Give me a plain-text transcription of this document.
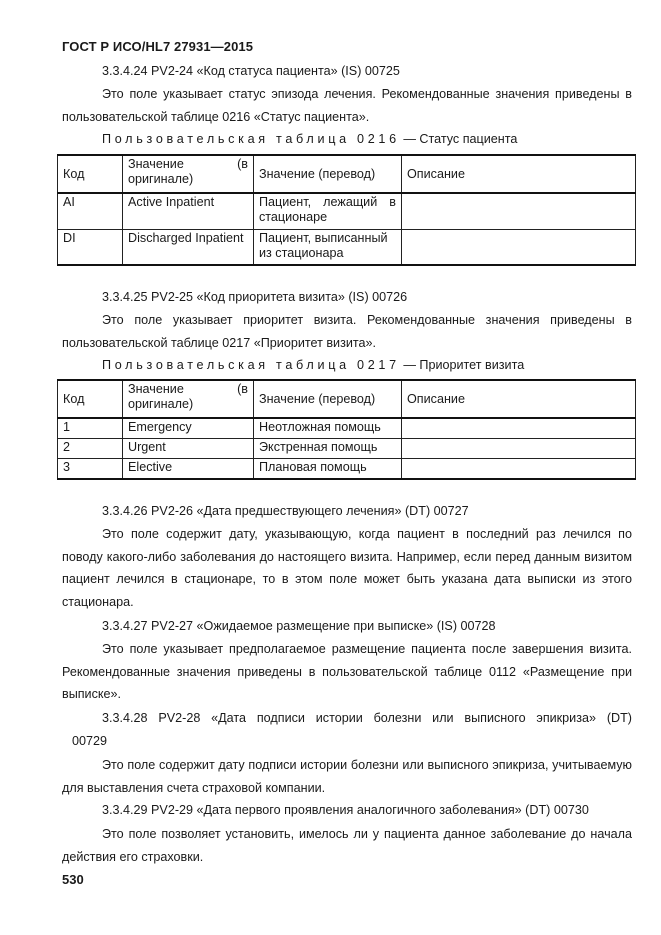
ГОСТ Р ИСО/HL7 27931—2015

3.3.4.24 PV2-24 «Код статуса пациента» (IS) 00725

Это поле указывает статус эпизода лечения. Рекомендованные значения приведены в пользовательской таблице 0216 «Статус пациента».

Пользовательская таблица 0216 — Статус пациента

Код	Значение (в оригинале)	Значение (перевод)	Описание
AI	Active Inpatient	Пациент, лежащий в стационаре	

DI	Discharged Inpatient	Пациент, выписанный из стационара	

3.3.4.25 PV2-25 «Код приоритета визита» (IS) 00726

Это поле указывает приоритет визита. Рекомендованные значения приведены в пользовательской таблице 0217 «Приоритет визита».

Пользовательская таблица 0217 — Приоритет визита

Код	Значение (в оригинале)	Значение (перевод)	Описание
1	Emergency	Неотложная помощь	
2	Urgent	Экстренная помощь	
3	Elective	Плановая помощь	

3.3.4.26 PV2-26 «Дата предшествующего лечения» (DT) 00727

Это поле содержит дату, указывающую, когда пациент в последний раз лечился по поводу какого-либо заболевания до настоящего визита. Например, если перед данным визитом пациент лечился в стационаре, то в этом поле может быть указана дата выписки из этого стационара.

3.3.4.27 PV2-27 «Ожидаемое размещение при выписке» (IS) 00728

Это поле указывает предполагаемое размещение пациента после завершения визита. Рекомендованные значения приведены в пользовательской таблице 0112 «Размещение при выписке».

3.3.4.28 PV2-28 «Дата подписи истории болезни или выписного эпикриза» (DT)

00729

Это поле содержит дату подписи истории болезни или выписного эпикриза, учитываемую для выставления счета страховой компании.

3.3.4.29 PV2-29 «Дата первого проявления аналогичного заболевания» (DT) 00730

Это поле позволяет установить, имелось ли у пациента данное заболевание до начала действия его страховки.

530
